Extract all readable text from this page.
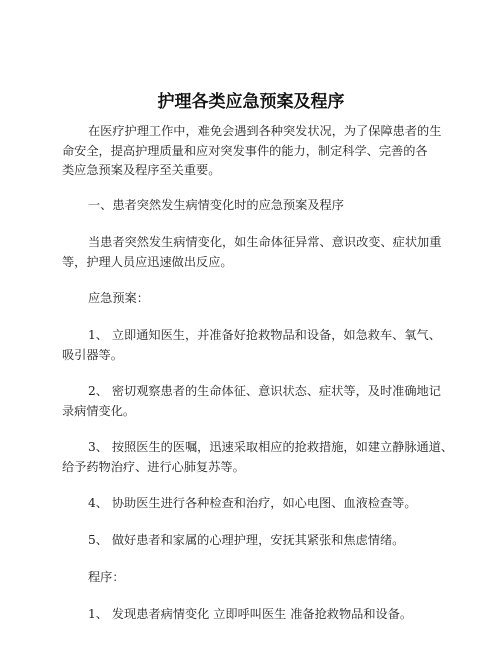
护理各类应急预案及程序

在医疗护理工作中，难免会遇到各种突发状况，为了保障患者的生
命安全，提高护理质量和应对突发事件的能力，制定科学、完善的各
类应急预案及程序至关重要。

一、患者突然发生病情变化时的应急预案及程序

当患者突然发生病情变化，如生命体征异常、意识改变、症状加重
等，护理人员应迅速做出反应。

应急预案：

1、 立即通知医生，并准备好抢救物品和设备，如急救车、氧气、
吸引器等。

2、 密切观察患者的生命体征、意识状态、症状等，及时准确地记
录病情变化。

3、 按照医生的医嘱，迅速采取相应的抢救措施，如建立静脉通道、
给予药物治疗、进行心肺复苏等。

4、 协助医生进行各种检查和治疗，如心电图、血液检查等。

5、 做好患者和家属的心理护理，安抚其紧张和焦虑情绪。

程序：

1、 发现患者病情变化 立即呼叫医生 准备抢救物品和设备。
